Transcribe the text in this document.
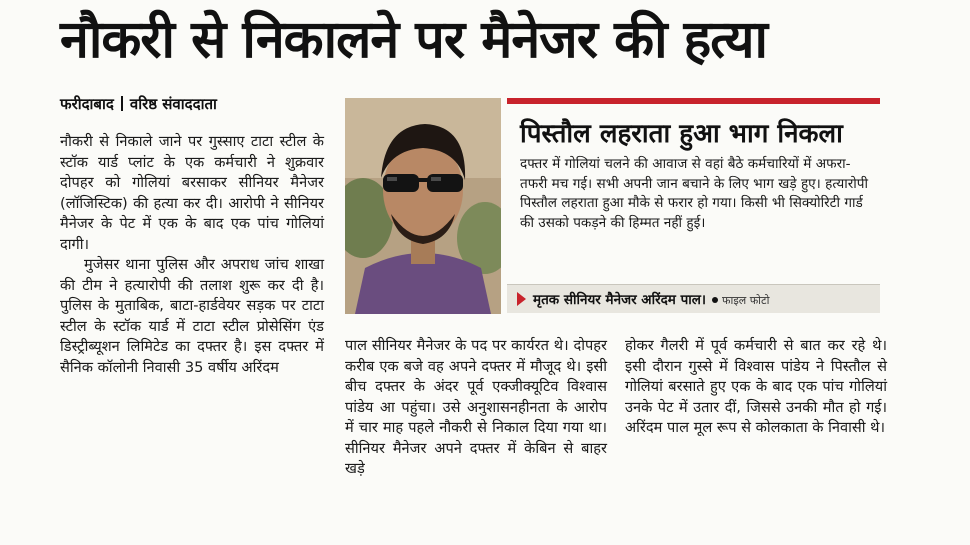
नौकरी से निकालने पर मैनेजर की हत्या
फरीदाबाद वरिष्ठ संवाददाता

नौकरी से निकाले जाने पर गुस्साए टाटा स्टील के स्टॉक यार्ड प्लांट के एक कर्मचारी ने शुक्रवार दोपहर को गोलियां बरसाकर सीनियर मैनेजर (लॉजिस्टिक) की हत्या कर दी। आरोपी ने सीनियर मैनेजर के पेट में एक के बाद एक पांच गोलियां दागी।

मुजेसर थाना पुलिस और अपराध जांच शाखा की टीम ने हत्यारोपी की तलाश शुरू कर दी है। पुलिस के मुताबिक, बाटा-हार्डवेयर सड़क पर टाटा स्टील के स्टॉक यार्ड में टाटा स्टील प्रोसेसिंग एंड डिस्ट्रीब्यूशन लिमिटेड का दफ्तर है। इस दफ्तर में सैनिक कॉलोनी निवासी 35 वर्षीय अरिंदम

पिस्तौल लहराता हुआ भाग निकला

दफ्तर में गोलियां चलने की आवाज से वहां बैठे कर्मचारियों में अफरा-तफरी मच गई। सभी अपनी जान बचाने के लिए भाग खड़े हुए। हत्यारोपी पिस्तौल लहराता हुआ मौके से फरार हो गया। किसी भी सिक्योरिटी गार्ड की उसको पकड़ने की हिम्मत नहीं हुई।

मृतक सीनियर मैनेजर अरिंदम पाल। फाइल फोटो

पाल सीनियर मैनेजर के पद पर कार्यरत थे। दोपहर करीब एक बजे वह अपने दफ्तर में मौजूद थे। इसी बीच दफ्तर के अंदर पूर्व एक्जीक्यूटिव विश्वास पांडेय आ पहुंचा। उसे अनुशासनहीनता के आरोप में चार माह पहले नौकरी से निकाल दिया गया था। सीनियर मैनेजर अपने दफ्तर में केबिन से बाहर खड़े

होकर गैलरी में पूर्व कर्मचारी से बात कर रहे थे। इसी दौरान गुस्से में विश्वास पांडेय ने पिस्तौल से गोलियां बरसाते हुए एक के बाद एक पांच गोलियां उनके पेट में उतार दीं, जिससे उनकी मौत हो गई। अरिंदम पाल मूल रूप से कोलकाता के निवासी थे।
